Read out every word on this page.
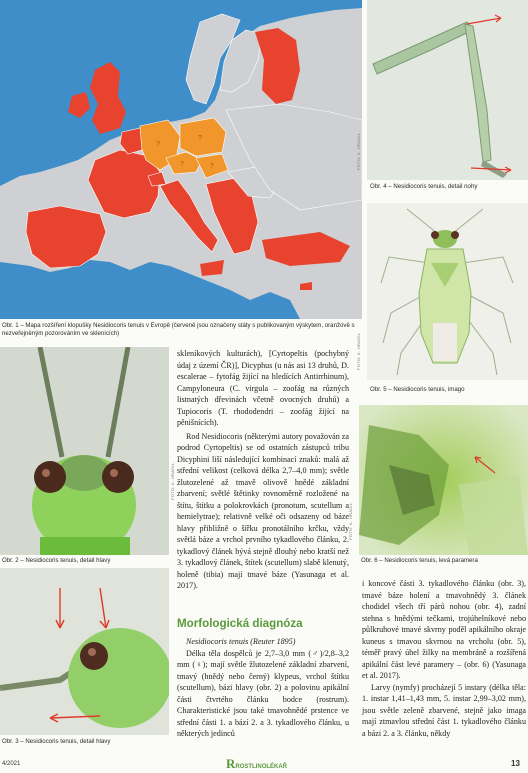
?
?
?	?
Obr. 1 – Mapa rozšíření klopušky Nesidiocoris tenuis v Evropě (červeně jsou označeny státy s publikovaným výskytem, oranžově s nezveřejněným pozorováním ve sklenících)
FOTO: K. HRADIL
Obr. 4 – Nesidiocoris tenuis, detail nohy
FOTO: K. HRADIL
Obr. 5 – Nesidiocoris tenuis, imago
FOTO: K. HRADIL
Obr. 6 – Nesidiocoris tenuis, levá paramera
FOTO: K. HRADIL
Obr. 2 – Nesidiocoris tenuis, detail hlavy
Obr. 3 – Nesidiocoris tenuis, detail hlavy

skleníkových kulturách), [Cyrtopeltis (pochybný údaj z území ČR)], Dicyphus (u nás asi 13 druhů, D. escalerae – fytofág žijící na hledících Antirrhinum), Campyloneura (C. virgula – zoofág na různých listnatých dřevinách včetně ovocných druhů) a Tupiocoris (T. rhododendri – zoofág žijící na pěnišnících).

Rod Nesidiocoris (některými autory považován za podrod Cyrtopeltis) se od ostatních zástupců tribu Dicyphini liší následující kombinací znaků: malá až střední velikost (celková délka 2,7–4,0 mm); světle žlutozelené až tmavě olivově hnědé základní zbarvení; světlé štětinky rovnoměrně rozložené na štítu, štítku a polokrovkách (pronotum, scutellum a hemielytrae); relativně velké oči odsazeny od báze hlavy přibližně o šířku pronotálního krčku, vždy světlá báze a vrchol prvního tykadlového článku, 2. tykadlový článek bývá stejně dlouhý nebo kratší než 3. tykadlový článek, štítek (scutellum) slabě klenutý, holeně (tibia) mají tmavé báze (Yasunaga et al. 2017).

Morfologická diagnóza

Nesidiocoris tenuis (Reuter 1895)

Délka těla dospělců je 2,7–3,0 mm (♂)/2,8–3,2 mm (♀); mají světle žlutozelené základní zbarvení, tmavý (hnědý nebo černý) klypeus, vrchol štítku (scutellum), bázi hlavy (obr. 2) a polovinu apikální části čtvrtého článku bodce (rostrum). Charakteristické jsou také tmavohnědé prstence ve střední části 1. a bází 2. a 3. tykadlového článku, u některých jedinců

i koncové části 3. tykadlového článku (obr. 3), tmavé báze holení a tmavohnědý 3. článek chodidel všech tří párů nohou (obr. 4), zadní stehna s hnědými tečkami, trojúhelníkové nebo půlkruhové tmavé skvrny poděl apikálního okraje kuneus s tmavou skvrnou na vrcholu (obr. 5), téměř pravý úhel žilky na membráně a rozšířená apikální část levé paramery – (obr. 6) (Yasunaga et al. 2017).

Larvy (nymfy) procházejí 5 instary (délka těla: 1. instar 1,41–1,43 mm, 5. instar 2,99–3,02 mm), jsou světle zeleně zbarvené, stejně jako imaga mají ztmavlou střední část 1. tykadlového článku a bázi 2. a 3. článku, někdy

4/2021	RROSTLINOLÉKAŘ	13
